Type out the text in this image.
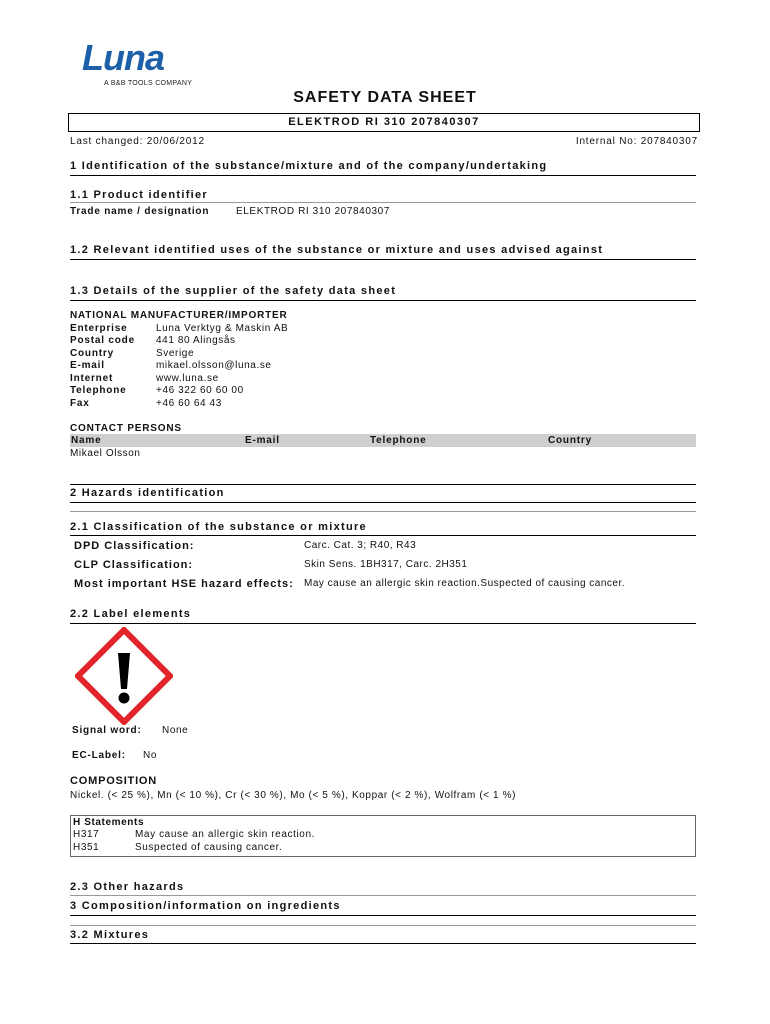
Luna
A B&B TOOLS COMPANY
SAFETY DATA SHEET
ELEKTROD RI 310 207840307
Last changed: 20/06/2012	Internal No: 207840307
1 Identification of the substance/mixture and of the company/undertaking
1.1 Product identifier
Trade name / designation	ELEKTROD RI 310 207840307
1.2 Relevant identified uses of the substance or mixture and uses advised against
1.3 Details of the supplier of the safety data sheet
NATIONAL MANUFACTURER/IMPORTER
Enterprise	Luna Verktyg & Maskin AB
Postal code	441 80 Alingsås
Country	Sverige
E-mail	mikael.olsson@luna.se
Internet	www.luna.se
Telephone	+46 322 60 60 00
Fax	+46 60 64 43
CONTACT PERSONS
Name	E-mail	Telephone	Country
Mikael Olsson
2 Hazards identification
2.1 Classification of the substance or mixture
DPD Classification:	Carc. Cat. 3; R40, R43
CLP Classification:	Skin Sens. 1BH317, Carc. 2H351
Most important HSE hazard effects: May cause an allergic skin reaction.Suspected of causing cancer.
2.2 Label elements
Signal word: None
EC-Label: No
COMPOSITION
Nickel. (< 25 %), Mn (< 10 %), Cr (< 30 %), Mo (< 5 %), Koppar (< 2 %), Wolfram (< 1 %)
H Statements
H317	May cause an allergic skin reaction.
H351	Suspected of causing cancer.
2.3 Other hazards
3 Composition/information on ingredients
3.2 Mixtures
